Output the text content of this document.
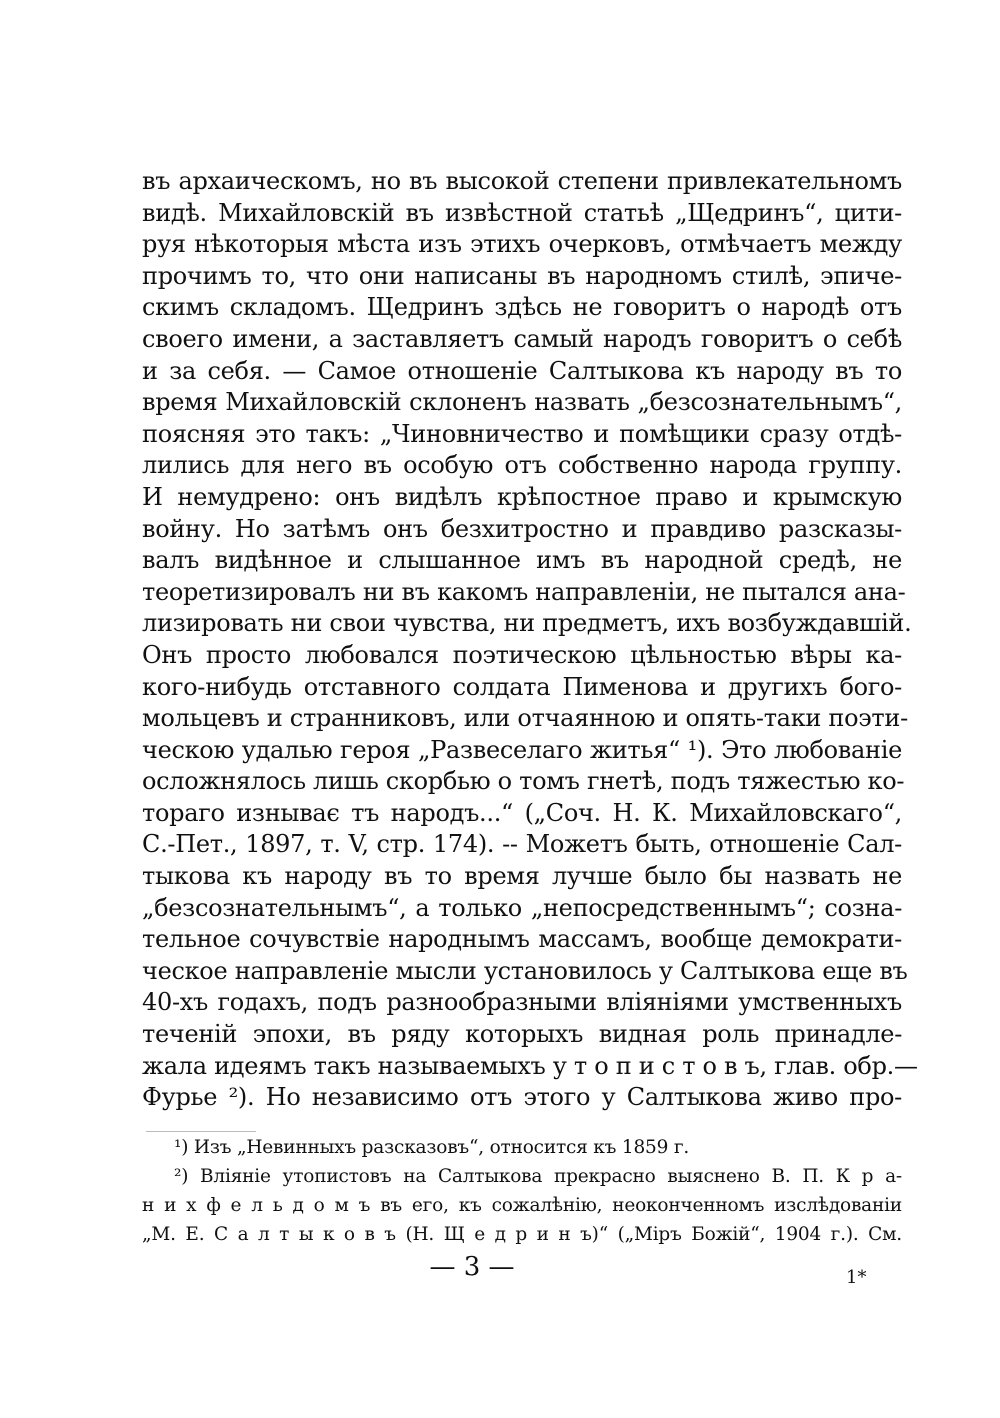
въ архаическомъ, но въ высокой степени привлекательномъ
видѣ. Михайловскій въ извѣстной статьѣ „Щедринъ“, цити-
руя нѣкоторыя мѣста изъ этихъ очерковъ, отмѣчаетъ между
прочимъ то, что они написаны въ народномъ стилѣ, эпиче-
скимъ складомъ. Щедринъ здѣсь не говоритъ о народѣ отъ
своего имени, а заставляетъ самый народъ говоритъ о себѣ
и за себя. — Самое отношеніе Салтыкова къ народу въ то
время Михайловскій склоненъ назвать „безсознательнымъ“,
поясняя это такъ: „Чиновничество и помѣщики сразу отдѣ-
лились для него въ особую отъ собственно народа группу.
И немудрено: онъ видѣлъ крѣпостное право и крымскую
войну. Но затѣмъ онъ безхитростно и правдиво разсказы-
валъ видѣнное и слышанное имъ въ народной средѣ, не
теоретизировалъ ни въ какомъ направленіи, не пытался ана-
лизировать ни свои чувства, ни предметъ, ихъ возбуждавшій.
Онъ просто любовался поэтическою цѣльностью вѣры ка-
кого-нибудь отставного солдата Пименова и другихъ бого-
мольцевъ и странниковъ, или отчаянною и опять-таки поэти-
ческою удалью героя „Развеселаго житья“ ¹). Это любованіе
осложнялось лишь скорбью о томъ гнетѣ, подъ тяжестью ко-
тораго изныває тъ народъ...“ („Соч. Н. К. Михайловскаго“,
С.-Пет., 1897, т. V, стр. 174). -- Можетъ быть, отношеніе Сал-
тыкова къ народу въ то время лучше было бы назвать не
„безсознательнымъ“, а только „непосредственнымъ“; созна-
тельное сочувствіе народнымъ массамъ, вообще демократи-
ческое направленіе мысли установилось у Салтыкова еще въ
40-хъ годахъ, подъ разнообразными вліяніями умственныхъ
теченій эпохи, въ ряду которыхъ видная роль принадле-
жала идеямъ такъ называемыхъ у т о п и с т о в ъ, глав. обр.—
Фурье ²). Но независимо отъ этого у Салтыкова живо про-
¹) Изъ „Невинныхъ разсказовъ“, относится къ 1859 г.
²) Вліяніе утопистовъ на Салтыкова прекрасно выяснено В. П. К р а-
н и х ф е л ь д о м ъ въ его, къ сожалѣнію, неоконченномъ изслѣдованіи
„М. Е. С а л т ы к о в ъ (Н. Щ е д р и н ъ)“ („Міръ Божій“, 1904 г.). См.
— 3 —	1*
